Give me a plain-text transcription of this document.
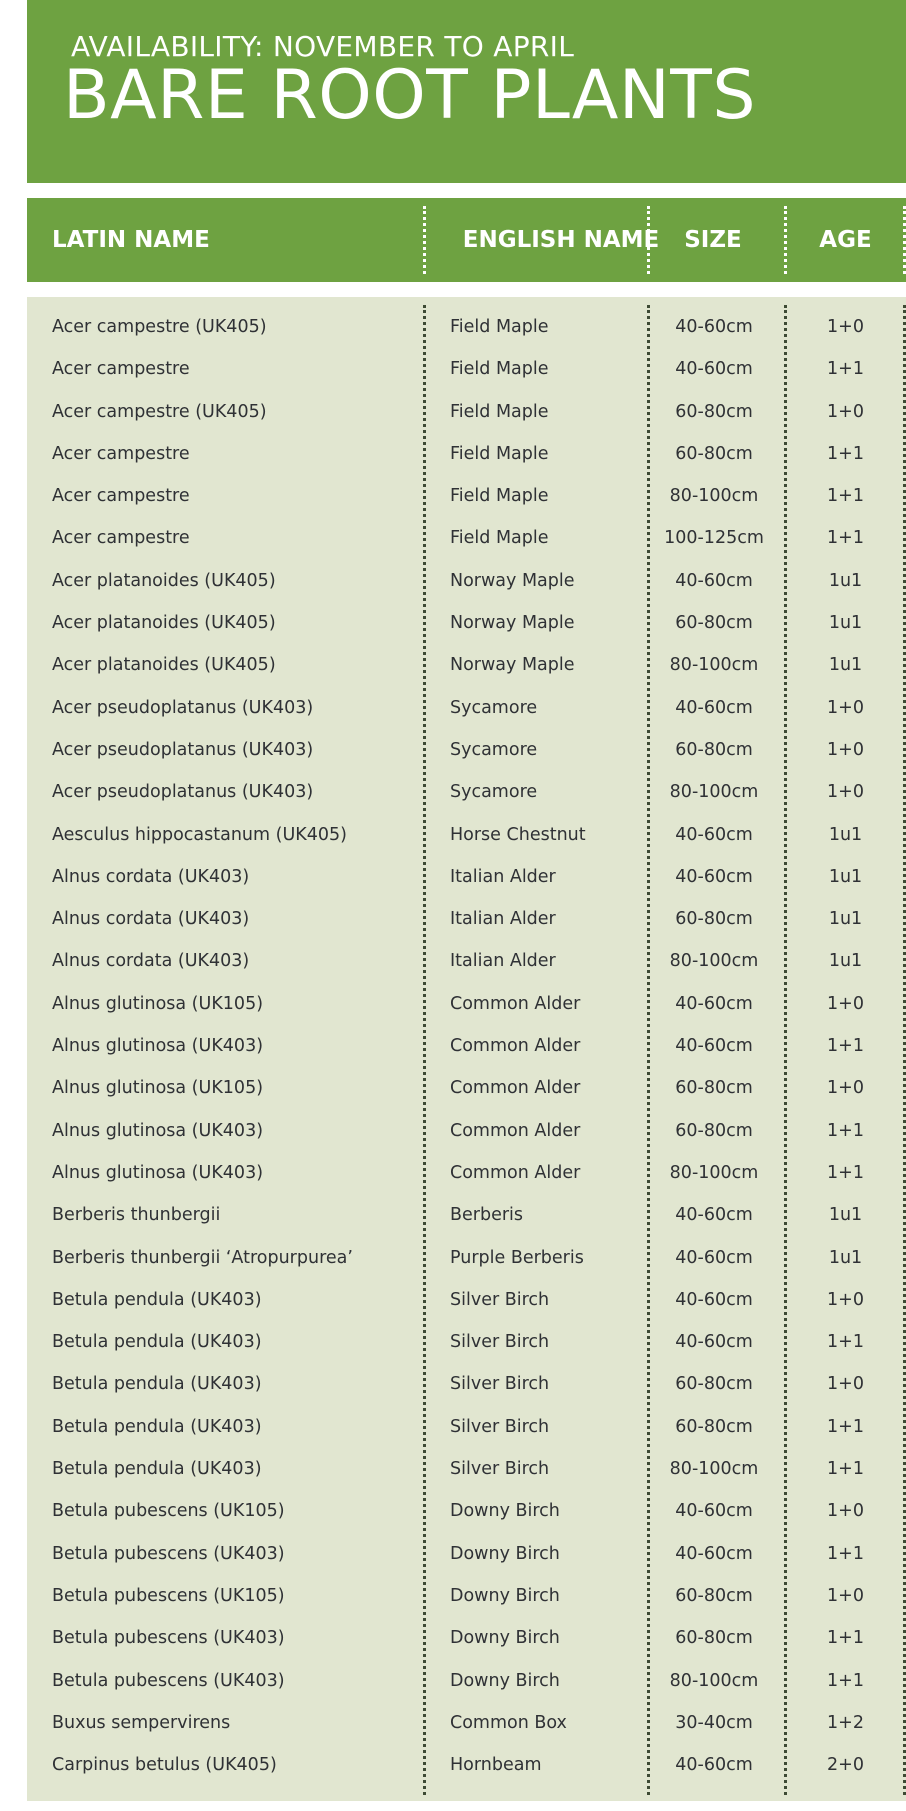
AVAILABILITY: NOVEMBER TO APRIL
BARE ROOT PLANTS
LATIN NAME	ENGLISH NAME	SIZE	AGE
Acer campestre (UK405)	Field Maple	40-60cm	1+0
Acer campestre	Field Maple	40-60cm	1+1
Acer campestre (UK405)	Field Maple	60-80cm	1+0
Acer campestre	Field Maple	60-80cm	1+1
Acer campestre	Field Maple	80-100cm	1+1
Acer campestre	Field Maple	100-125cm	1+1
Acer platanoides (UK405)	Norway Maple	40-60cm	1u1
Acer platanoides (UK405)	Norway Maple	60-80cm	1u1
Acer platanoides (UK405)	Norway Maple	80-100cm	1u1
Acer pseudoplatanus (UK403)	Sycamore	40-60cm	1+0
Acer pseudoplatanus (UK403)	Sycamore	60-80cm	1+0
Acer pseudoplatanus (UK403)	Sycamore	80-100cm	1+0
Aesculus hippocastanum (UK405)	Horse Chestnut	40-60cm	1u1
Alnus cordata (UK403)	Italian Alder	40-60cm	1u1
Alnus cordata (UK403)	Italian Alder	60-80cm	1u1
Alnus cordata (UK403)	Italian Alder	80-100cm	1u1
Alnus glutinosa (UK105)	Common Alder	40-60cm	1+0
Alnus glutinosa (UK403)	Common Alder	40-60cm	1+1
Alnus glutinosa (UK105)	Common Alder	60-80cm	1+0
Alnus glutinosa (UK403)	Common Alder	60-80cm	1+1
Alnus glutinosa (UK403)	Common Alder	80-100cm	1+1
Berberis thunbergii	Berberis	40-60cm	1u1
Berberis thunbergii ‘Atropurpurea’	Purple Berberis	40-60cm	1u1
Betula pendula (UK403)	Silver Birch	40-60cm	1+0
Betula pendula (UK403)	Silver Birch	40-60cm	1+1
Betula pendula (UK403)	Silver Birch	60-80cm	1+0
Betula pendula (UK403)	Silver Birch	60-80cm	1+1
Betula pendula (UK403)	Silver Birch	80-100cm	1+1
Betula pubescens (UK105)	Downy Birch	40-60cm	1+0
Betula pubescens (UK403)	Downy Birch	40-60cm	1+1
Betula pubescens (UK105)	Downy Birch	60-80cm	1+0
Betula pubescens (UK403)	Downy Birch	60-80cm	1+1
Betula pubescens (UK403)	Downy Birch	80-100cm	1+1
Buxus sempervirens	Common Box	30-40cm	1+2
Carpinus betulus (UK405)	Hornbeam	40-60cm	2+0
